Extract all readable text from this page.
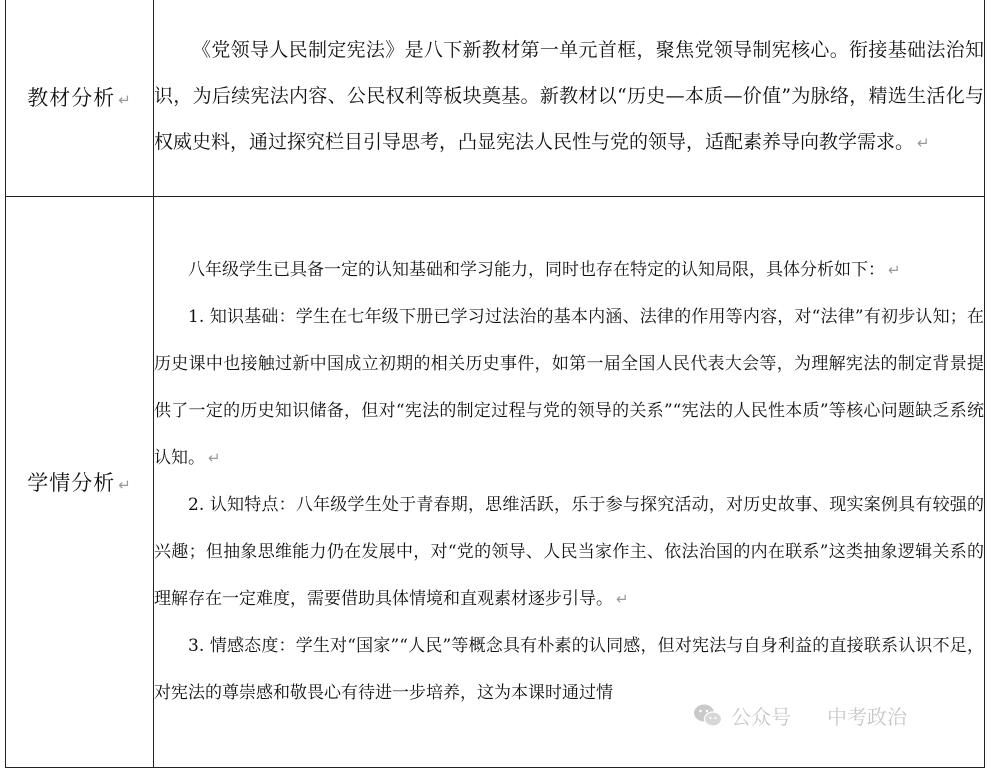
教材分析 ↵	《党领导人民制定宪法》是八下新教材第一单元首框，聚焦党领导制宪核心。衔接基础法治知识，为后续宪法内容、公民权利等板块奠基。新教材以“历史—本质—价值”为脉络，精选生活化与权威史料，通过探究栏目引导思考，凸显宪法人民性与党的领导，适配素养导向教学需求。 ↵

学情分析 ↵	八年级学生已具备一定的认知基础和学习能力，同时也存在特定的认知局限，具体分析如下： ↵

1. 知识基础：学生在七年级下册已学习过法治的基本内涵、法律的作用等内容，对“法律”有初步认知；在历史课中也接触过新中国成立初期的相关历史事件，如第一届全国人民代表大会等，为理解宪法的制定背景提供了一定的历史知识储备，但对“宪法的制定过程与党的领导的关系”“宪法的人民性本质”等核心问题缺乏系统认知。 ↵

2. 认知特点：八年级学生处于青春期，思维活跃，乐于参与探究活动，对历史故事、现实案例具有较强的兴趣；但抽象思维能力仍在发展中，对“党的领导、人民当家作主、依法治国的内在联系”这类抽象逻辑关系的理解存在一定难度，需要借助具体情境和直观素材逐步引导。 ↵

3. 情感态度：学生对“国家”“人民”等概念具有朴素的认同感，但对宪法与自身利益的直接联系认识不足，对宪法的尊崇感和敬畏心有待进一步培养，这为本课时通过情

公众号 中考政治
